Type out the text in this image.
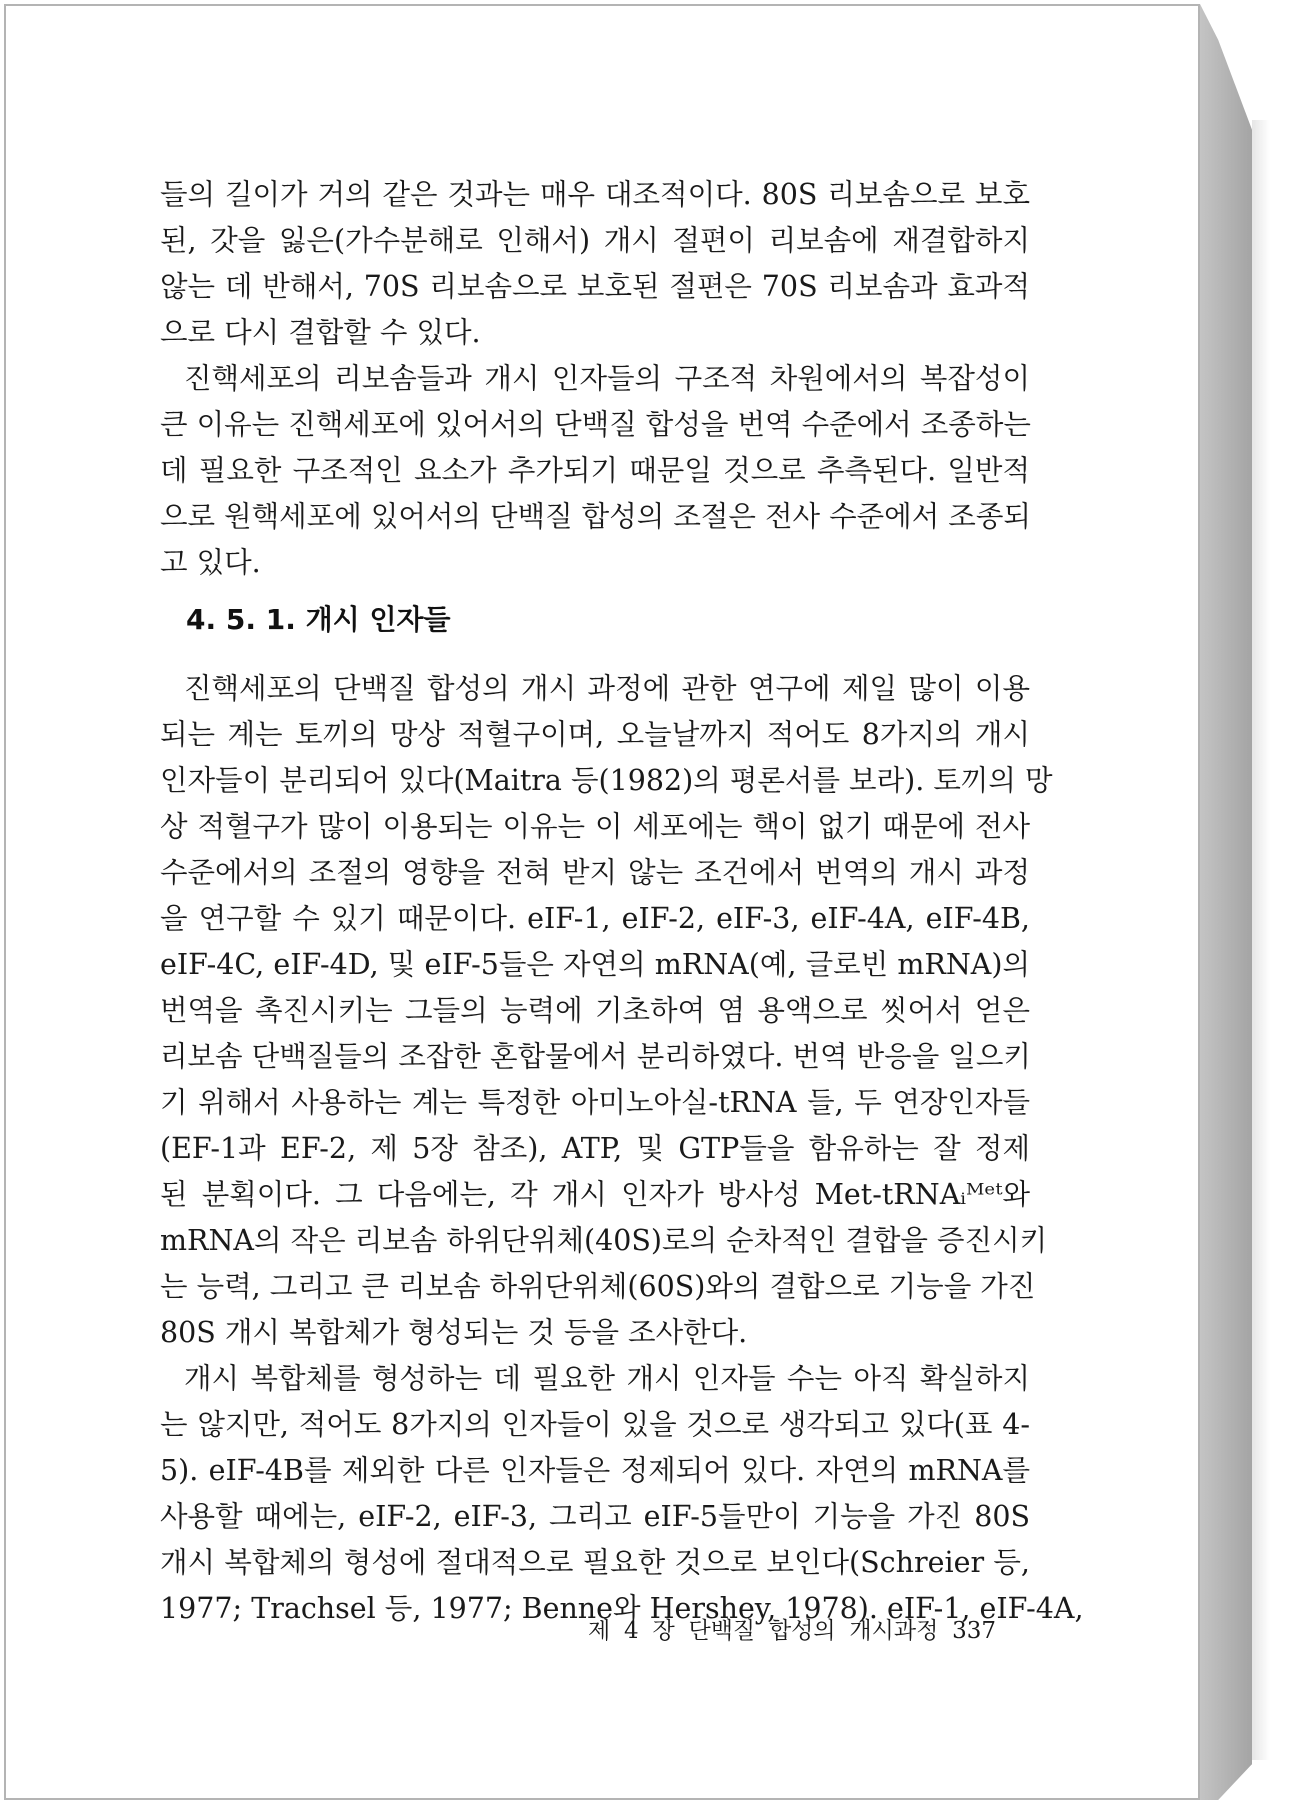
들의 길이가 거의 같은 것과는 매우 대조적이다. 80S 리보솜으로 보호
된, 갓을 잃은(가수분해로 인해서) 개시 절편이 리보솜에 재결합하지
않는 데 반해서, 70S 리보솜으로 보호된 절편은 70S 리보솜과 효과적
으로 다시 결합할 수 있다.
진핵세포의 리보솜들과 개시 인자들의 구조적 차원에서의 복잡성이
큰 이유는 진핵세포에 있어서의 단백질 합성을 번역 수준에서 조종하는
데 필요한 구조적인 요소가 추가되기 때문일 것으로 추측된다. 일반적
으로 원핵세포에 있어서의 단백질 합성의 조절은 전사 수준에서 조종되
고 있다.
4. 5. 1. 개시 인자들
진핵세포의 단백질 합성의 개시 과정에 관한 연구에 제일 많이 이용
되는 계는 토끼의 망상 적혈구이며, 오늘날까지 적어도 8가지의 개시
인자들이 분리되어 있다(Maitra 등(1982)의 평론서를 보라). 토끼의 망
상 적혈구가 많이 이용되는 이유는 이 세포에는 핵이 없기 때문에 전사
수준에서의 조절의 영향을 전혀 받지 않는 조건에서 번역의 개시 과정
을 연구할 수 있기 때문이다. eIF-1, eIF-2, eIF-3, eIF-4A, eIF-4B,
eIF-4C, eIF-4D, 및 eIF-5들은 자연의 mRNA(예, 글로빈 mRNA)의
번역을 촉진시키는 그들의 능력에 기초하여 염 용액으로 씻어서 얻은
리보솜 단백질들의 조잡한 혼합물에서 분리하였다. 번역 반응을 일으키
기 위해서 사용하는 계는 특정한 아미노아실-tRNA 들, 두 연장인자들
(EF-1과 EF-2, 제 5장 참조), ATP, 및 GTP들을 함유하는 잘 정제
된 분획이다. 그 다음에는, 각 개시 인자가 방사성 Met-tRNAᵢᴹᵉᵗ와
mRNA의 작은 리보솜 하위단위체(40S)로의 순차적인 결합을 증진시키
는 능력, 그리고 큰 리보솜 하위단위체(60S)와의 결합으로 기능을 가진
80S 개시 복합체가 형성되는 것 등을 조사한다.
개시 복합체를 형성하는 데 필요한 개시 인자들 수는 아직 확실하지
는 않지만, 적어도 8가지의 인자들이 있을 것으로 생각되고 있다(표 4-
5). eIF-4B를 제외한 다른 인자들은 정제되어 있다. 자연의 mRNA를
사용할 때에는, eIF-2, eIF-3, 그리고 eIF-5들만이 기능을 가진 80S
개시 복합체의 형성에 절대적으로 필요한 것으로 보인다(Schreier 등,
1977; Trachsel 등, 1977; Benne와 Hershey, 1978). eIF-1, eIF-4A,
제 4 장 단백질 합성의 개시과정 337
